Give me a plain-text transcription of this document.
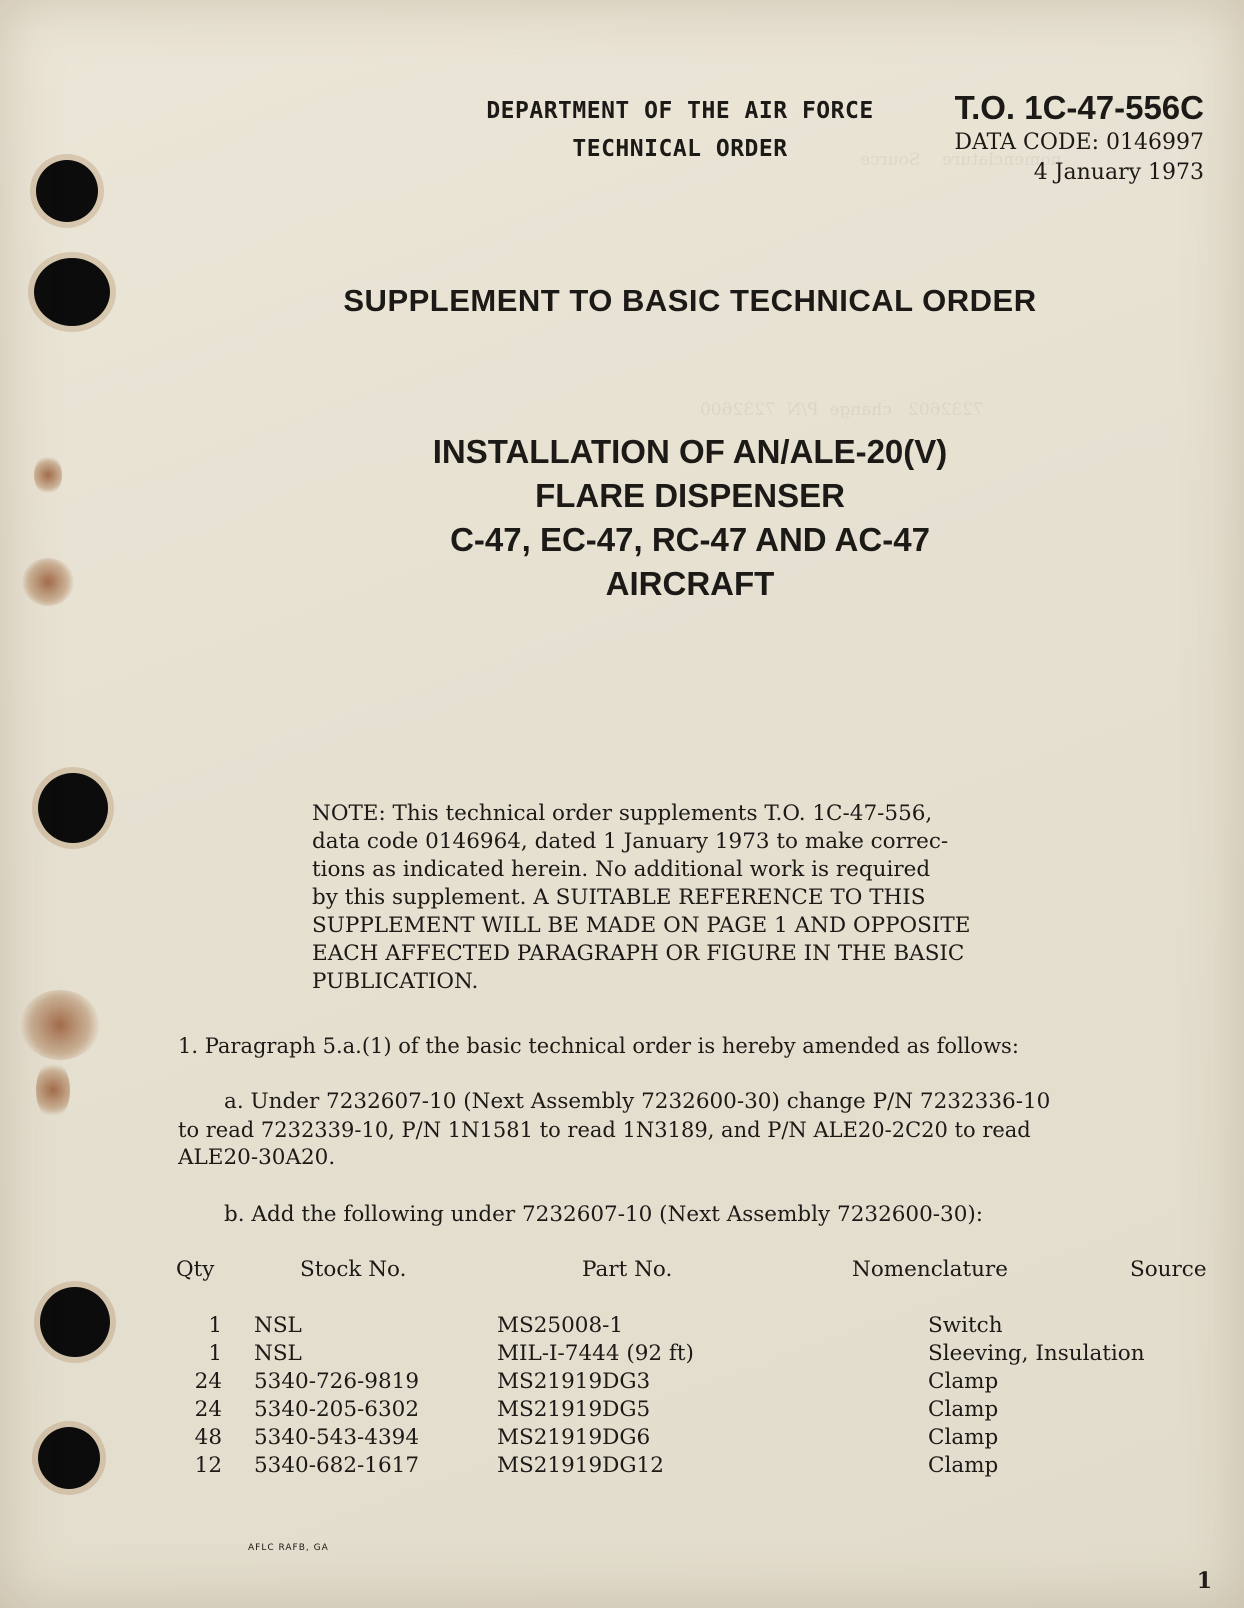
nomenclature    Source
7232602   change  P/N  7232600
DEPARTMENT OF THE AIR FORCE
TECHNICAL ORDER
T.O. 1C-47-556C
DATA CODE: 0146997
4 January 1973
SUPPLEMENT TO BASIC TECHNICAL ORDER
INSTALLATION OF AN/ALE-20(V)
FLARE DISPENSER
C-47, EC-47, RC-47 AND AC-47
AIRCRAFT
NOTE: This technical order supplements T.O. 1C-47-556,
data code 0146964, dated 1 January 1973 to make correc-
tions as indicated herein. No additional work is required
by this supplement. A SUITABLE REFERENCE TO THIS
SUPPLEMENT WILL BE MADE ON PAGE 1 AND OPPOSITE
EACH AFFECTED PARAGRAPH OR FIGURE IN THE BASIC
PUBLICATION.
1. Paragraph 5.a.(1) of the basic technical order is hereby amended as follows:
a. Under 7232607-10 (Next Assembly 7232600-30) change P/N 7232336-10
to read 7232339-10, P/N 1N1581 to read 1N3189, and P/N ALE20-2C20 to read
ALE20-30A20.
b. Add the following under 7232607-10 (Next Assembly 7232600-30):
Qty	Stock No.	Part No.	Nomenclature	Source
1 NSL	MS25008-1	Switch
1 NSL	MIL-I-7444 (92 ft)	Sleeving, Insulation
24 5340-726-9819	MS21919DG3	Clamp
24 5340-205-6302	MS21919DG5	Clamp
48 5340-543-4394	MS21919DG6	Clamp
12 5340-682-1617	MS21919DG12	Clamp
AFLC RAFB, GA
1
